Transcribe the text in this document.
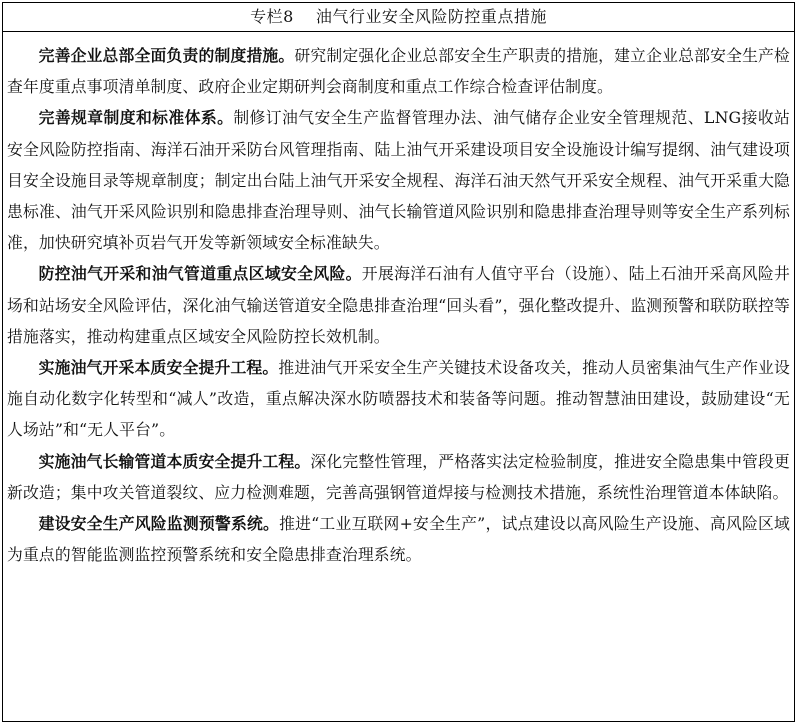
专栏8 油气行业安全风险防控重点措施

完善企业总部全面负责的制度措施。研究制定强化企业总部安全生产职责的措施，建立企业总部安全生产检查年度重点事项清单制度、政府企业定期研判会商制度和重点工作综合检查评估制度。

完善规章制度和标准体系。制修订油气安全生产监督管理办法、油气储存企业安全管理规范、LNG接收站安全风险防控指南、海洋石油开采防台风管理指南、陆上油气开采建设项目安全设施设计编写提纲、油气建设项目安全设施目录等规章制度；制定出台陆上油气开采安全规程、海洋石油天然气开采安全规程、油气开采重大隐患标准、油气开采风险识别和隐患排查治理导则、油气长输管道风险识别和隐患排查治理导则等安全生产系列标准，加快研究填补页岩气开发等新领域安全标准缺失。

防控油气开采和油气管道重点区域安全风险。开展海洋石油有人值守平台（设施）、陆上石油开采高风险井场和站场安全风险评估，深化油气输送管道安全隐患排查治理“回头看”，强化整改提升、监测预警和联防联控等措施落实，推动构建重点区域安全风险防控长效机制。

实施油气开采本质安全提升工程。推进油气开采安全生产关键技术设备攻关，推动人员密集油气生产作业设施自动化数字化转型和“减人”改造，重点解决深水防喷器技术和装备等问题。推动智慧油田建设，鼓励建设“无人场站”和“无人平台”。

实施油气长输管道本质安全提升工程。深化完整性管理，严格落实法定检验制度，推进安全隐患集中管段更新改造；集中攻关管道裂纹、应力检测难题，完善高强钢管道焊接与检测技术措施，系统性治理管道本体缺陷。

建设安全生产风险监测预警系统。推进“工业互联网+安全生产”，试点建设以高风险生产设施、高风险区域为重点的智能监测监控预警系统和安全隐患排查治理系统。
